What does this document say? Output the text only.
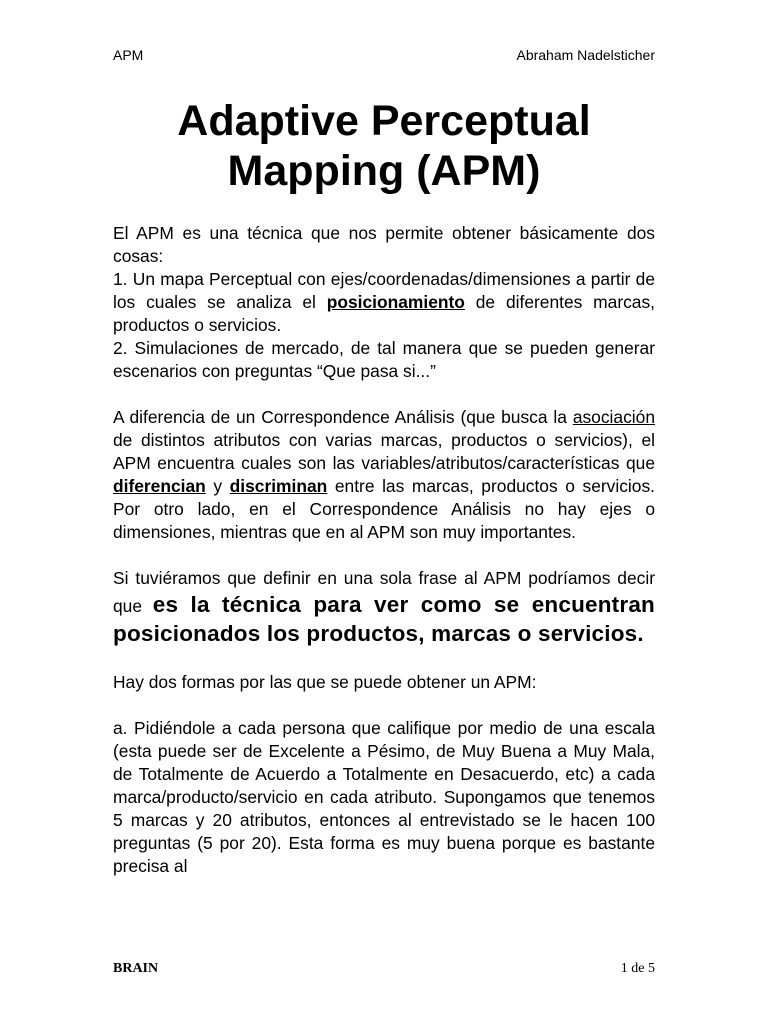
APM	Abraham Nadelsticher
Adaptive Perceptual
Mapping (APM)

El APM es una técnica que nos permite obtener básicamente dos cosas:

1. Un mapa Perceptual con ejes/coordenadas/dimensiones a partir de los cuales se analiza el posicionamiento de diferentes marcas, productos o servicios.

2. Simulaciones de mercado, de tal manera que se pueden generar escenarios con preguntas “Que pasa si...”

A diferencia de un Correspondence Análisis (que busca la asociación de distintos atributos con varias marcas, productos o servicios), el APM encuentra cuales son las variables/atributos/características que diferencian y discriminan entre las marcas, productos o servicios. Por otro lado, en el Correspondence Análisis no hay ejes o dimensiones, mientras que en al APM son muy importantes.

Si tuviéramos que definir en una sola frase al APM podríamos decir que es la técnica para ver como se encuentran posicionados los productos, marcas o servicios.

Hay dos formas por las que se puede obtener un APM:

a. Pidiéndole a cada persona que califique por medio de una escala (esta puede ser de Excelente a Pésimo, de Muy Buena a Muy Mala, de Totalmente de Acuerdo a Totalmente en Desacuerdo, etc) a cada marca/producto/servicio en cada atributo. Supongamos que tenemos 5 marcas y 20 atributos, entonces al entrevistado se le hacen 100 preguntas (5 por 20). Esta forma es muy buena porque es bastante precisa al

BRAIN	1 de 5
